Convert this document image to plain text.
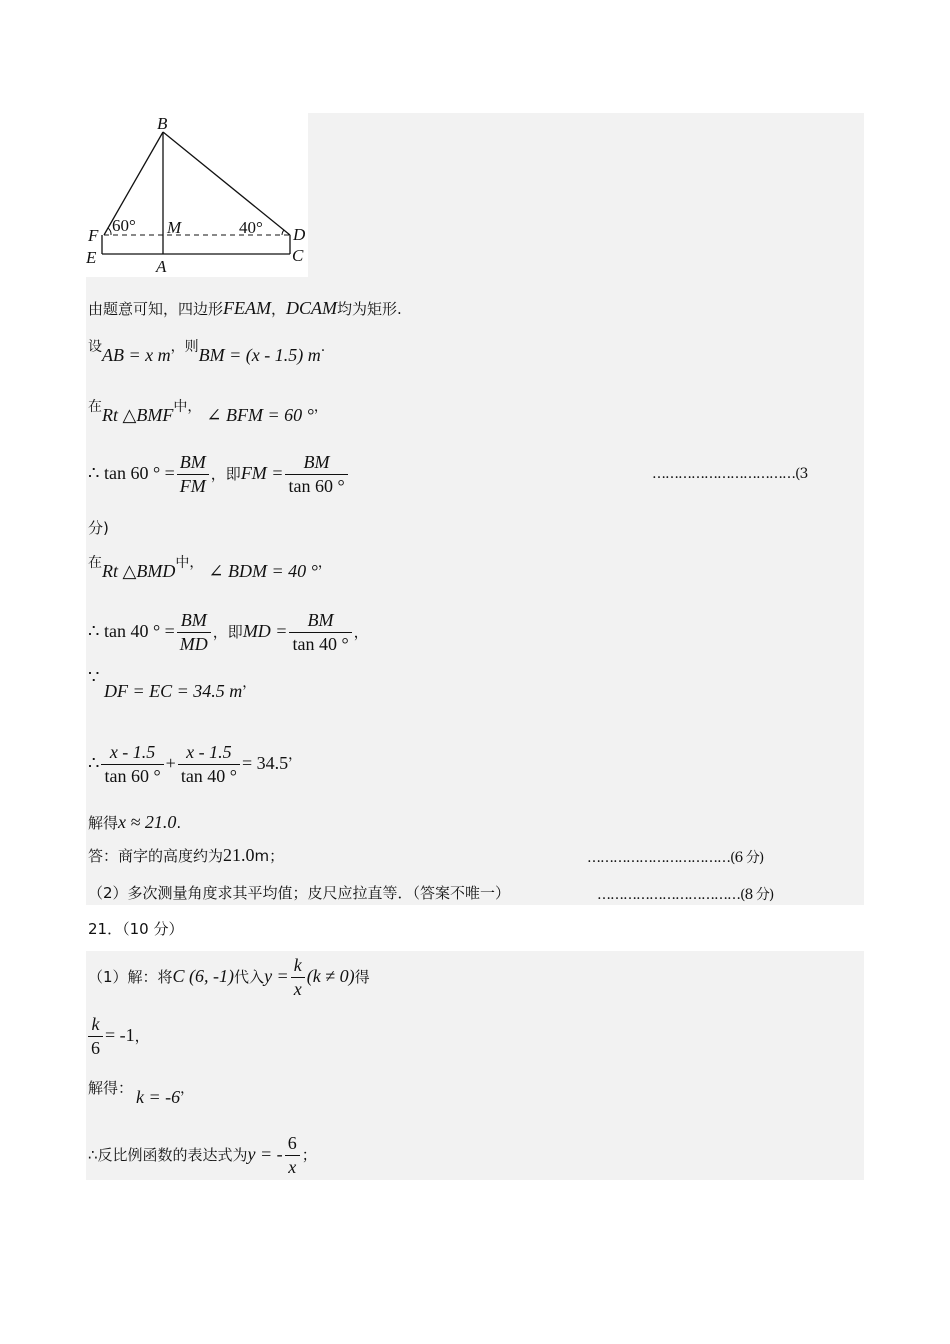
B
F	M	D
E	A
C
60°	40°
由题意可知，四边形FEAM，DCAM均为矩形.
设AB = x m，则BM = (x - 1.5) m.
在Rt △BMF中， ∠ BFM = 60 °，
∴ tan 60 ° = $\frac{BM}{FM}$ ，即FM = $\frac{BM}{\tan 60 ^\circ}$	……………………………(3
分)
在Rt △BMD中， ∠ BDM = 40 °，
∴ tan 40 ° = $\frac{BM}{MD}$ ，即MD = $\frac{BM}{\tan 40 ^\circ}$ ，
∵
DF = EC = 34.5 m，
∴ $\frac{x - 1.5}{\tan 60 ^\circ} + \frac{x - 1.5}{\tan 40 ^\circ} = 34.5$，
解得x ≈ 21.0.
答：商字的高度约为21.0m；	……………………………(6 分)
（2）多次测量角度求其平均值；皮尺应拉直等．（答案不唯一）	……………………………(8 分)
21．（10 分）
（1）解：将C (6, -1)代入$y = \frac{k}{x} (k \ne 0)$得
$\frac{k}{6} = -1$，
解得： k = -6，
∴反比例函数的表达式为y = - $\frac{6}{x}$ ；
